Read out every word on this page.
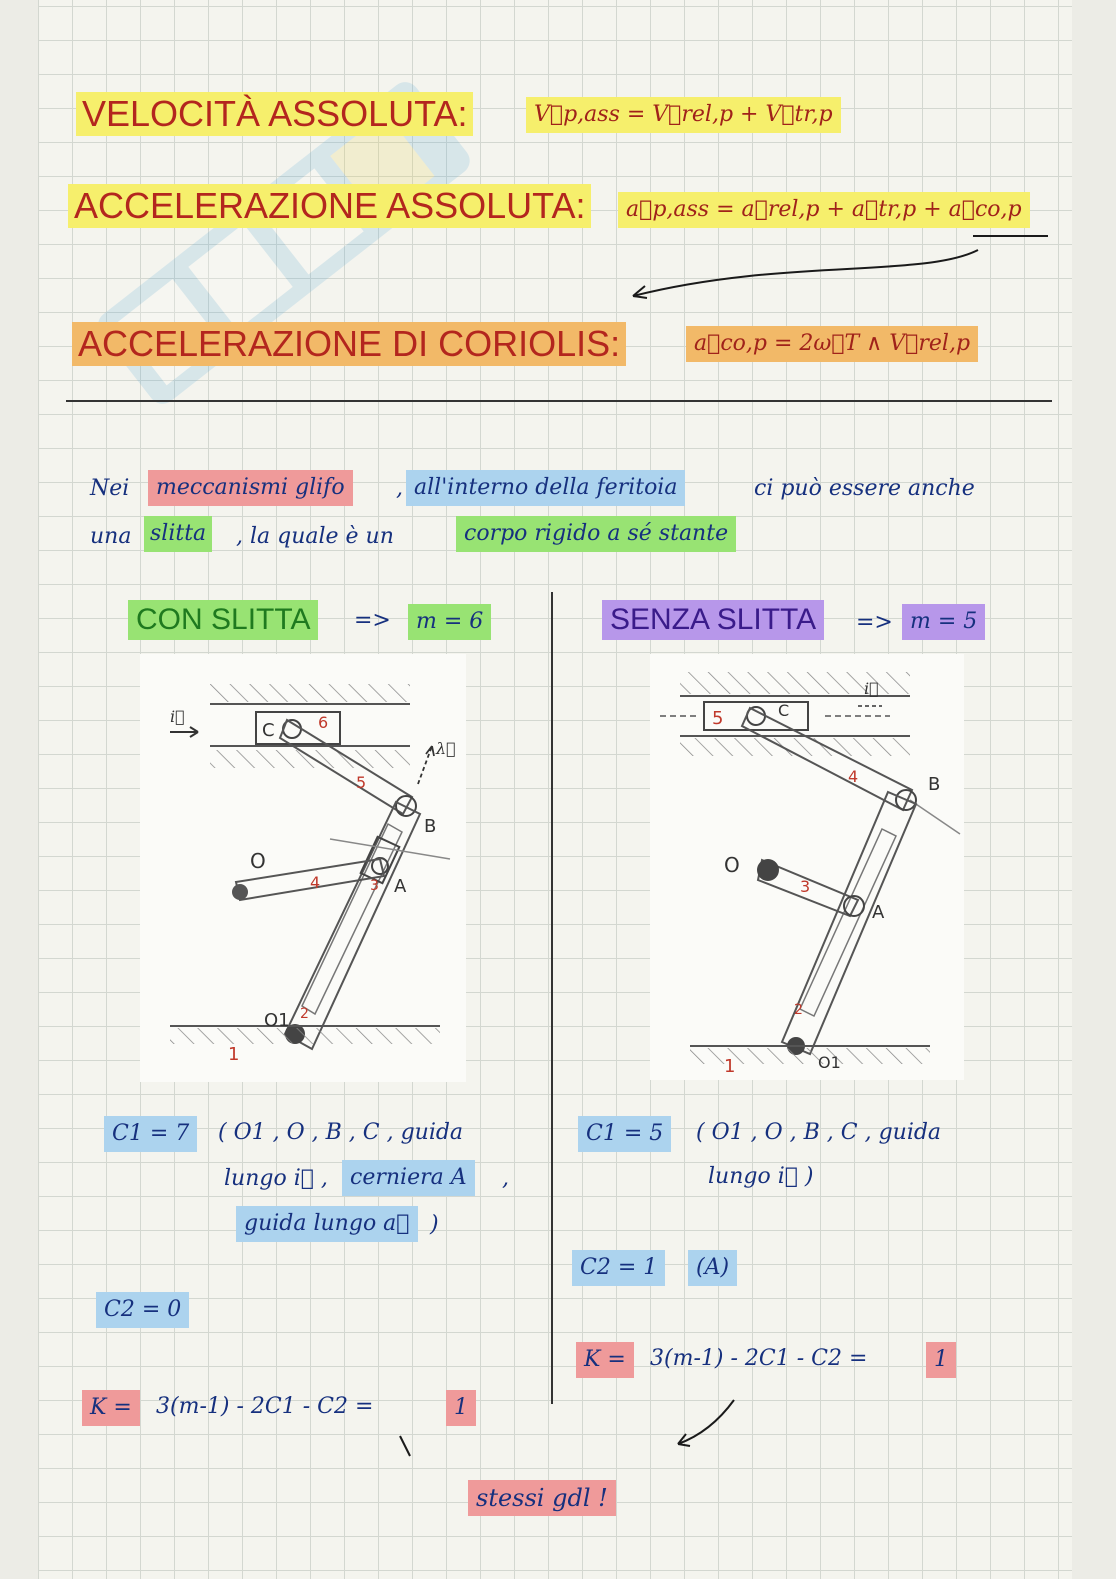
VELOCITÀ ASSOLUTA:	V⃗p,ass = V⃗rel,p + V⃗tr,p
ACCELERAZIONE ASSOLUTA:	a⃗p,ass = a⃗rel,p + a⃗tr,p + a⃗co,p
ACCELERAZIONE DI CORIOLIS:	a⃗co,p = 2ω⃗T ∧ V⃗rel,p
Nei	meccanismi glifo	, all'interno della feritoia	ci può essere anche
una slitta , la quale è un	corpo rigido a sé stante
CON SLITTA	=>	m = 6
C	6
5
B
O
4	3 A
O1 2
1
i⃗
λ⃗
C1 = 7	( O1 , O , B , C , guida
lungo i⃗ ,	cerniera A	,
guida lungo a⃗ )
C2 = 0
K =	3(m-1) - 2C1 - C2 =	1
SENZA SLITTA	=> m = 5
5	C
4	B
O
3
A
2
1	O1
i⃗
C1 = 5	( O1 , O , B , C , guida
lungo i⃗ )
C2 = 1	(A)
K =	3(m-1) - 2C1 - C2 =	1
stessi gdl !
